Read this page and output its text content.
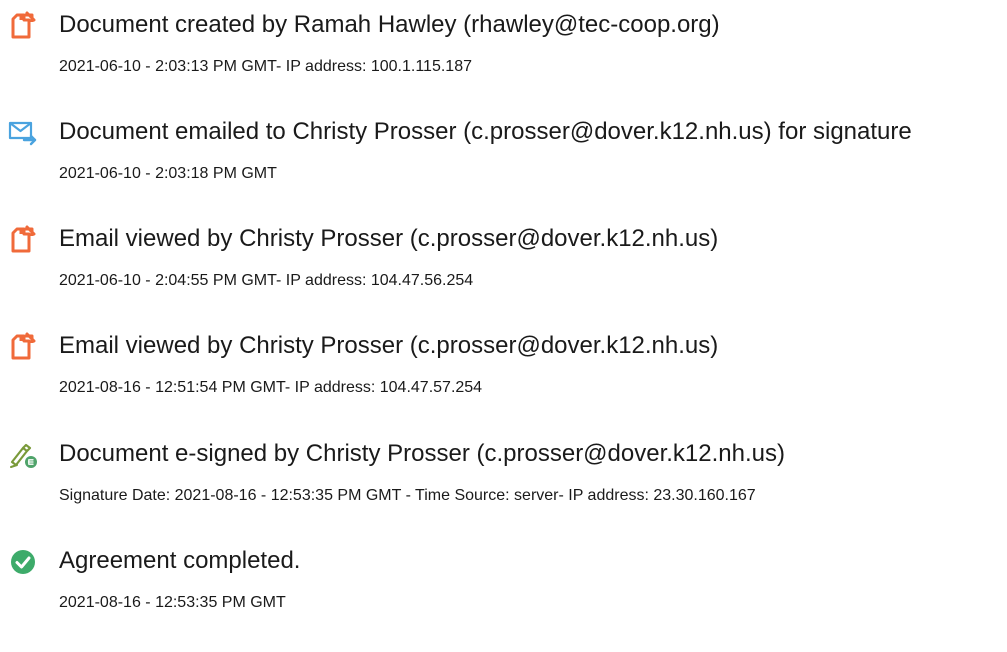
Document created by Ramah Hawley (rhawley@tec-coop.org)
2021-06-10 - 2:03:13 PM GMT- IP address: 100.1.115.187
Document emailed to Christy Prosser (c.prosser@dover.k12.nh.us) for signature
2021-06-10 - 2:03:18 PM GMT
Email viewed by Christy Prosser (c.prosser@dover.k12.nh.us)
2021-06-10 - 2:04:55 PM GMT- IP address: 104.47.56.254
Email viewed by Christy Prosser (c.prosser@dover.k12.nh.us)
2021-08-16 - 12:51:54 PM GMT- IP address: 104.47.57.254
Document e-signed by Christy Prosser (c.prosser@dover.k12.nh.us)
Signature Date: 2021-08-16 - 12:53:35 PM GMT - Time Source: server- IP address: 23.30.160.167
Agreement completed.
2021-08-16 - 12:53:35 PM GMT
